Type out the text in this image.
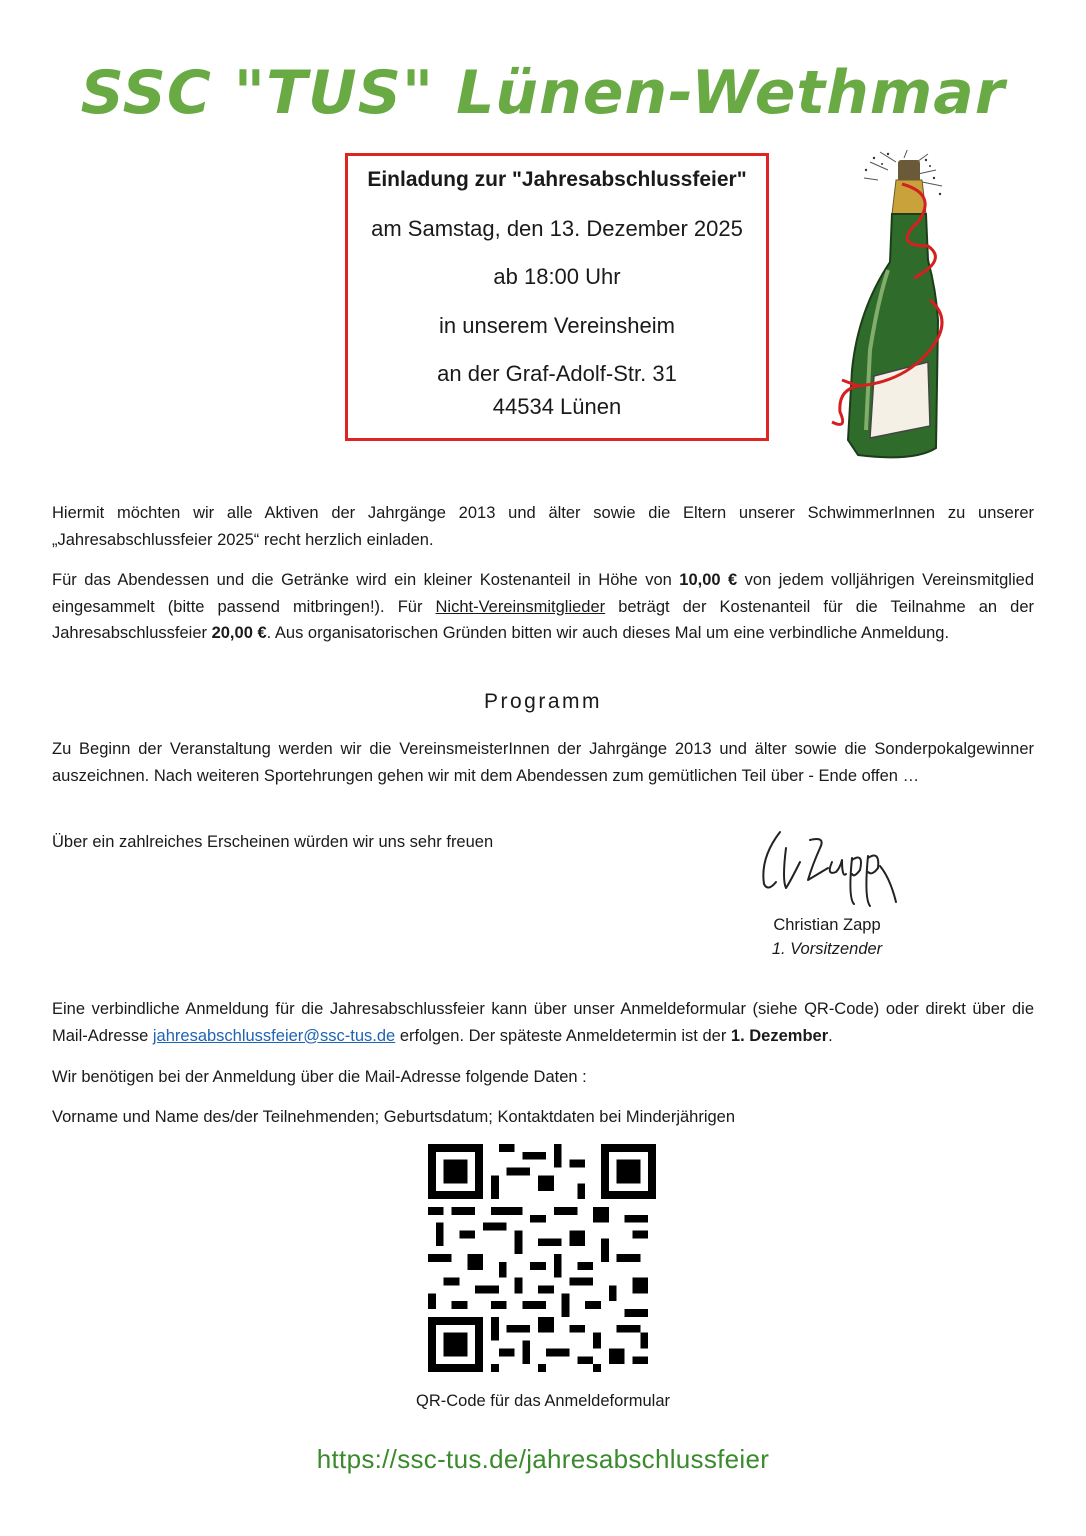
SSC "TUS" Lünen-Wethmar
Einladung zur "Jahresabschlussfeier"
am Samstag, den 13. Dezember 2025
ab 18:00 Uhr
in unserem Vereinsheim
an der Graf-Adolf-Str. 31
44534 Lünen

Hiermit möchten wir alle Aktiven der Jahrgänge 2013 und älter sowie die Eltern unserer SchwimmerInnen zu unserer „Jahresabschlussfeier 2025“ recht herzlich einladen.

Für das Abendessen und die Getränke wird ein kleiner Kostenanteil in Höhe von 10,00 € von jedem volljährigen Vereinsmitglied eingesammelt (bitte passend mitbringen!). Für Nicht-Vereinsmitglieder beträgt der Kostenanteil für die Teilnahme an der Jahresabschlussfeier 20,00 €. Aus organisatorischen Gründen bitten wir auch dieses Mal um eine verbindliche Anmeldung.

Programm

Zu Beginn der Veranstaltung werden wir die VereinsmeisterInnen der Jahrgänge 2013 und älter sowie die Sonderpokalgewinner auszeichnen. Nach weiteren Sportehrungen gehen wir mit dem Abendessen zum gemütlichen Teil über - Ende offen …

Über ein zahlreiches Erscheinen würden wir uns sehr freuen

Christian Zapp
1. Vorsitzender

Eine verbindliche Anmeldung für die Jahresabschlussfeier kann über unser Anmeldeformular (siehe QR-Code) oder direkt über die Mail-Adresse jahresabschlussfeier@ssc-tus.de erfolgen. Der späteste Anmeldetermin ist der 1. Dezember.

Wir benötigen bei der Anmeldung über die Mail-Adresse folgende Daten :

Vorname und Name des/der Teilnehmenden; Geburtsdatum; Kontaktdaten bei Minderjährigen

QR-Code für das Anmeldeformular
https://ssc-tus.de/jahresabschlussfeier
